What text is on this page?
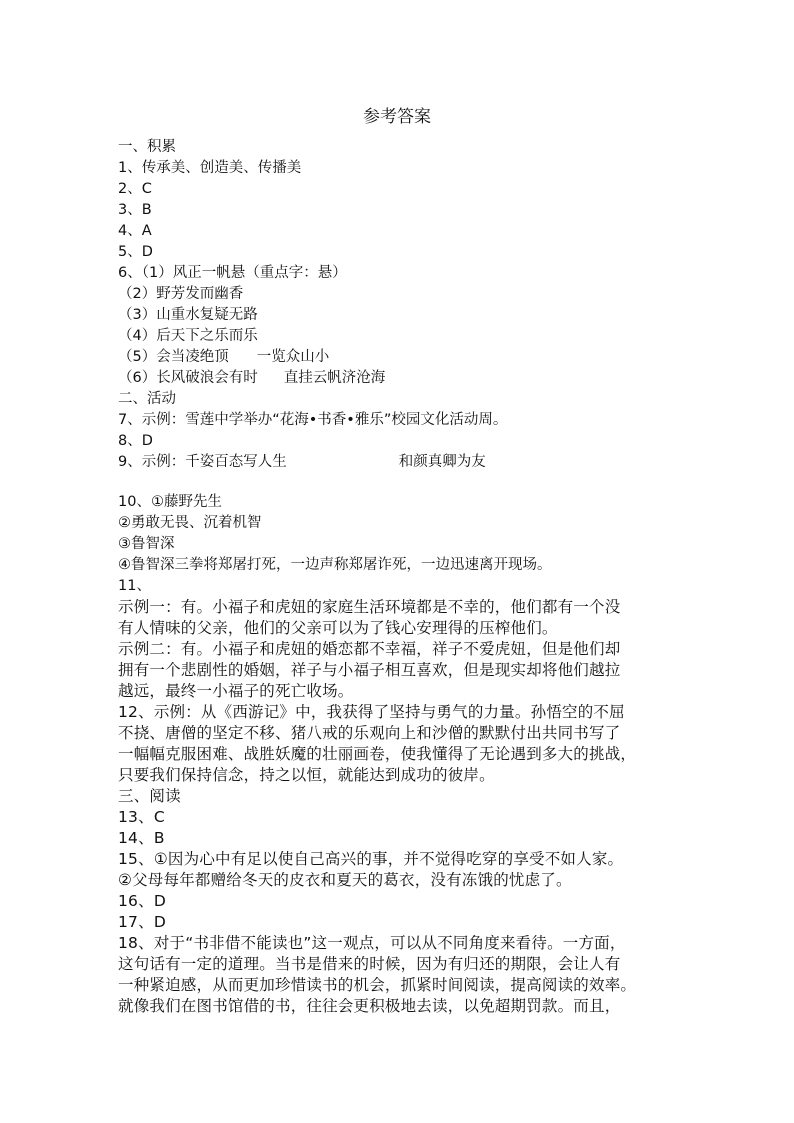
参考答案
一、积累
1、传承美、创造美、传播美
2、C
3、B
4、A
5、D
6、（1）风正一帆悬（重点字：悬）
（2）野芳发而幽香
（3）山重水复疑无路
（4）后天下之乐而乐
（5）会当凌绝顶 一览众山小
（6）长风破浪会有时 直挂云帆济沧海
二、活动
7、示例：雪莲中学举办“花海•书香•雅乐”校园文化活动周。
8、D
9、示例：千姿百态写人生	和颜真卿为友
10、①藤野先生
②勇敢无畏、沉着机智
③鲁智深
④鲁智深三拳将郑屠打死，一边声称郑屠诈死，一边迅速离开现场。
11、
示例一：有。小福子和虎妞的家庭生活环境都是不幸的，他们都有一个没
有人情味的父亲，他们的父亲可以为了钱心安理得的压榨他们。
示例二：有。小福子和虎妞的婚恋都不幸福，祥子不爱虎妞，但是他们却
拥有一个悲剧性的婚姻，祥子与小福子相互喜欢，但是现实却将他们越拉
越远，最终一小福子的死亡收场。
12、示例：从《西游记》中，我获得了坚持与勇气的力量。孙悟空的不屈
不挠、唐僧的坚定不移、猪八戒的乐观向上和沙僧的默默付出共同书写了
一幅幅克服困难、战胜妖魔的壮丽画卷，使我懂得了无论遇到多大的挑战，
只要我们保持信念，持之以恒，就能达到成功的彼岸。
三、阅读
13、C
14、B
15、①因为心中有足以使自己高兴的事，并不觉得吃穿的享受不如人家。
②父母每年都赠给冬天的皮衣和夏天的葛衣，没有冻饿的忧虑了。
16、D
17、D
18、对于“书非借不能读也”这一观点，可以从不同角度来看待。一方面，
这句话有一定的道理。当书是借来的时候，因为有归还的期限，会让人有
一种紧迫感，从而更加珍惜读书的机会，抓紧时间阅读，提高阅读的效率。
就像我们在图书馆借的书，往往会更积极地去读，以免超期罚款。而且，
